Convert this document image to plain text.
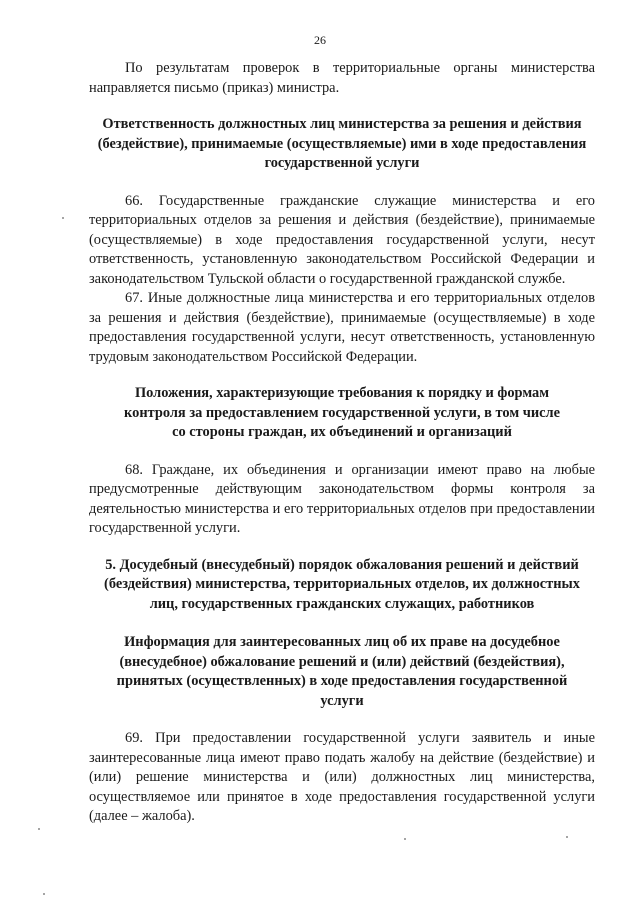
26

По результатам проверок в территориальные органы министерства направляется письмо (приказ) министра.

Ответственность должностных лиц министерства за решения и действия (бездействие), принимаемые (осуществляемые) ими в ходе предоставления государственной услуги

66. Государственные гражданские служащие министерства и его территориальных отделов за решения и действия (бездействие), принимаемые (осуществляемые) в ходе предоставления государственной услуги, несут ответственность, установленную законодательством Российской Федерации и законодательством Тульской области о государственной гражданской службе.

67. Иные должностные лица министерства и его территориальных отделов за решения и действия (бездействие), принимаемые (осуществляемые) в ходе предоставления государственной услуги, несут ответственность, установленную трудовым законодательством Российской Федерации.

Положения, характеризующие требования к порядку и формам контроля за предоставлением государственной услуги, в том числе со стороны граждан, их объединений и организаций

68. Граждане, их объединения и организации имеют право на любые предусмотренные действующим законодательством формы контроля за деятельностью министерства и его территориальных отделов при предоставлении государственной услуги.

5. Досудебный (внесудебный) порядок обжалования решений и действий (бездействия) министерства, территориальных отделов, их должностных лиц, государственных гражданских служащих, работников
Информация для заинтересованных лиц об их праве на досудебное (внесудебное) обжалование решений и (или) действий (бездействия), принятых (осуществленных) в ходе предоставления государственной услуги

69. При предоставлении государственной услуги заявитель и иные заинтересованные лица имеют право подать жалобу на действие (бездействие) и (или) решение министерства и (или) должностных лиц министерства, осуществляемое или принятое в ходе предоставления государственной услуги (далее – жалоба).
